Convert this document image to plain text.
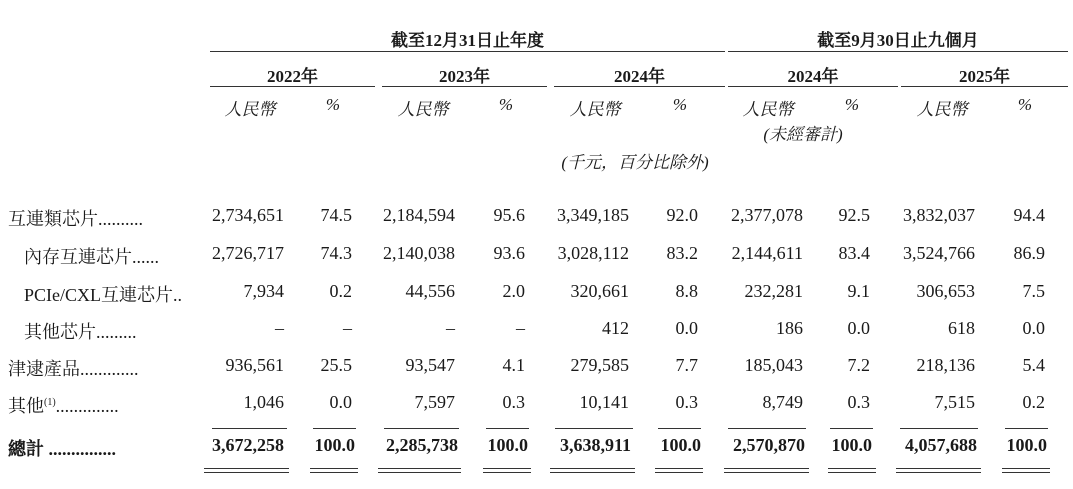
截至12月31日止年度	截至9月30日止九個月
2022年	2023年	2024年	2024年	2025年
人民幣	%	人民幣	%	人民幣	%	人民幣	%	人民幣	%
(未經審計)
(千元，百分比除外)
互連類芯片..........	2,734,651	74.5	2,184,594	95.6	3,349,185	92.0	2,377,078	92.5	3,832,037	94.4
內存互連芯片......	2,726,717	74.3	2,140,038	93.6	3,028,112	83.2	2,144,611	83.4	3,524,766	86.9
PCIe/CXL互連芯片..	7,934	0.2	44,556	2.0	320,661	8.8	232,281	9.1	306,653	7.5
其他芯片.........	–	–	–	–	412	0.0	186	0.0	618	0.0
津逮產品.............	936,561	25.5	93,547	4.1	279,585	7.7	185,043	7.2	218,136	5.4
其他$^{(1)}$..............	1,046	0.0	7,597	0.3	10,141	0.3	8,749	0.3	7,515	0.2
總計 ...............	3,672,258	100.0	2,285,738	100.0	3,638,911	100.0	2,570,870	100.0	4,057,688	100.0
